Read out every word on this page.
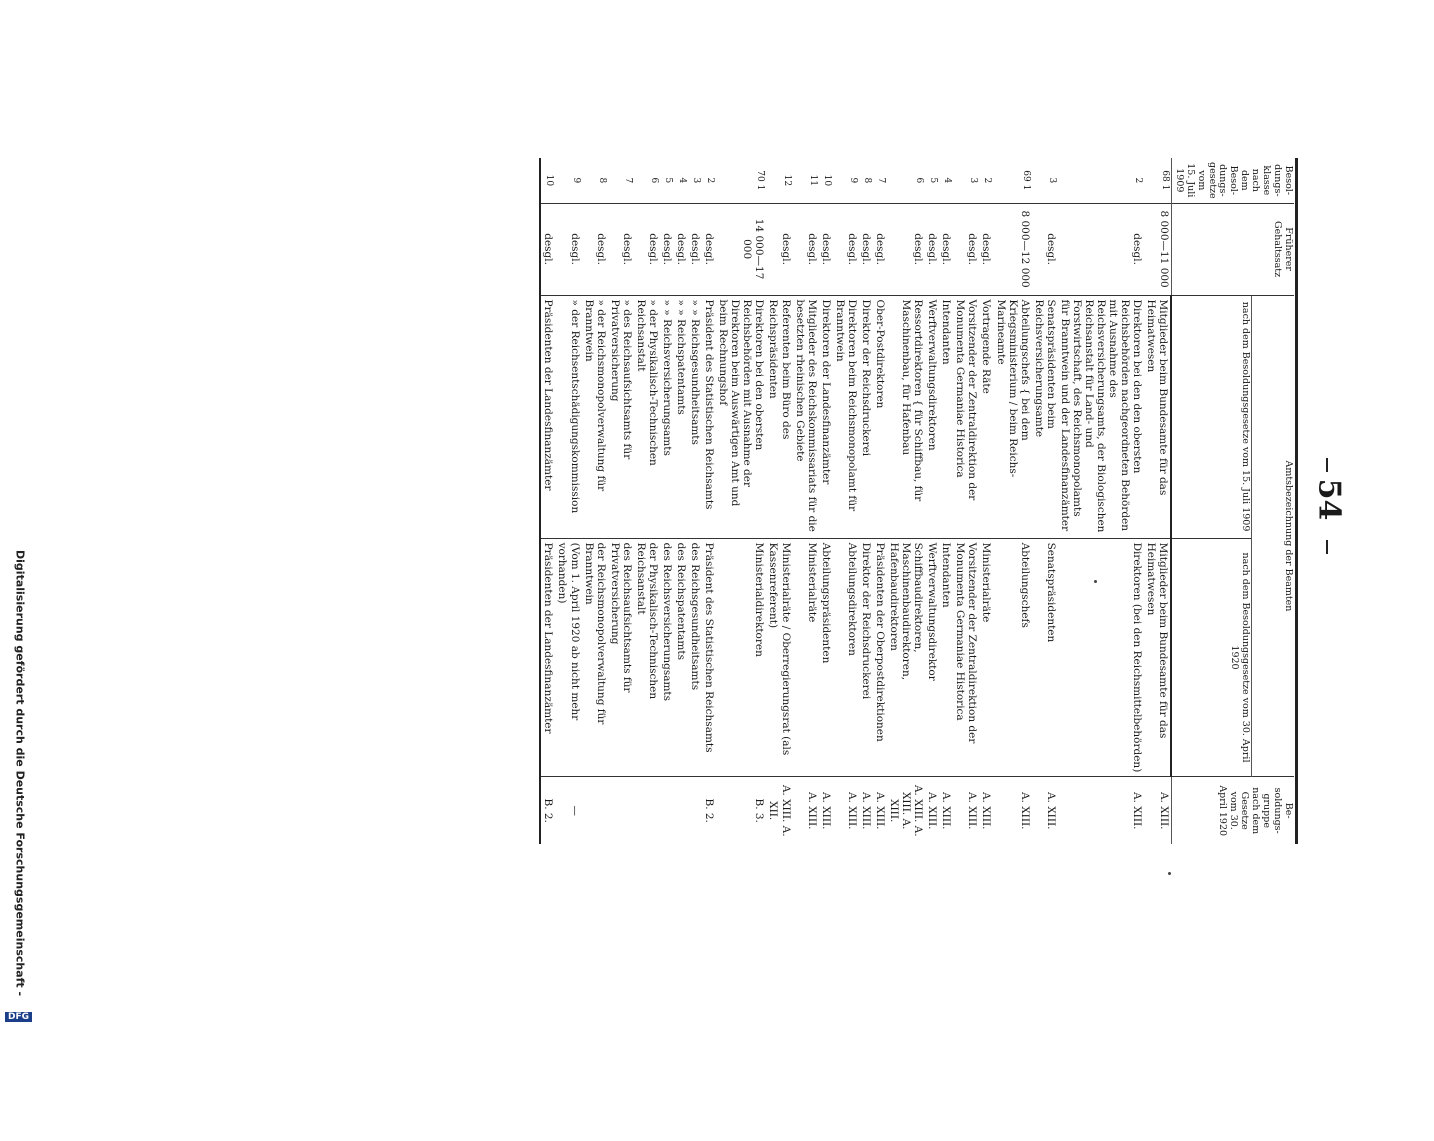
54
Besol-dungs-klasse nach dem Besol-dungs-gesetze vom 15. Juli 1909	Früherer Gehaltssatz	Amtsbezeichnung der Beamten		Be-soldungs-gruppe nach dem Gesetze vom 30. April 1920
		nach dem Besoldungsgesetze vom 15. Juli 1909	nach dem Besoldungsgesetze vom 30. April 1920	
68 1	8 000—11 000	Mitglieder beim Bundesamte für das Heimatwesen	Mitglieder beim Bundesamte für das Heimatwesen	A. XIII.
2	desgl.	Direktoren bei den den obersten Reichsbehörden nachgeordneten Behörden mit Ausnahme des Reichsversicherungsamts, der Biologischen Reichsanstalt für Land- und Forstwirtschaft, des Reichsmonopolamts für Branntwein und der Landesfinanzämter	Direktoren (bei den Reichsmittelbehörden)	A. XIII.
3	desgl.	Senatspräsidenten beim Reichsversicherungsamte	Senatspräsidenten	A. XIII.
69 1	8 000—12 000	Abteilungschefs { bei dem Kriegsministerium / beim Reichs-Marineamte	Abteilungschefs	A. XIII.
2	desgl.	Vortragende Räte	Ministerialräte	A. XIII.
3	desgl.	Vorsitzender der Zentraldirektion der Monumenta Germaniae Historica	Vorsitzender der Zentraldirektion der Monumenta Germaniae Historica	A. XIII.
4	desgl.	Intendanten	Intendanten	A. XIII.
5	desgl.	Werftverwaltungsdirektoren	Werftverwaltungsdirektor	A. XIII.
6	desgl.	Ressortdirektoren { für Schiffbau, für Maschinenbau, für Hafenbau	Schiffbaudirektoren, Maschinenbaudirektoren, Hafenbaudirektoren	A. XIII. A. XIII. A. XIII.
7	desgl.	Ober-Postdirektoren	Präsidenten der Oberpostdirektionen	A. XIII.
8	desgl.	Direktor der Reichsdruckerei	Direktor der Reichsdruckerei	A. XIII.
9	desgl.	Direktoren beim Reichsmonopolamt für Branntwein	Abteilungsdirektoren	A. XIII.
10	desgl.	Direktoren der Landesfinanzämter	Abteilungspräsidenten	A. XIII.
11	desgl.	Mitglieder des Reichskommissariats für die besetzten rheinischen Gebiete	Ministerialräte	A. XIII.
12	desgl.	Referenten beim Büro des Reichspräsidenten	Ministerialräte / Oberregierungsrat (als Kassenreferent)	A. XIII. A. XII.
70 1	14 000—17 000	Direktoren bei den obersten Reichsbehörden mit Ausnahme der Direktoren beim Auswärtigen Amt und beim Rechnungshof	Ministerialdirektoren	B. 3.
2	desgl.	Präsident des Statistischen Reichsamts	Präsident des Statistischen Reichsamts	B. 2.
3	desgl.	» » Reichsgesundheitsamts	des Reichsgesundheitsamts	
4	desgl.	» » Reichspatentamts	des Reichspatentamts	
5	desgl.	» » Reichsversicherungsamts	des Reichsversicherungsamts	
6	desgl.	» der Physikalisch-Technischen Reichsanstalt	der Physikalisch-Technischen Reichsanstalt	
7	desgl.	» des Reichsaufsichtsamts für Privatversicherung	des Reichsaufsichtsamts für Privatversicherung	
8	desgl.	» der Reichsmonopolverwaltung für Branntwein	der Reichsmonopolverwaltung für Branntwein	
9	desgl.	» der Reichsentschädigungskommission	(Vom 1. April 1920 ab nicht mehr vorhanden)	—
10	desgl.	Präsidenten der Landesfinanzämter	Präsidenten der Landesfinanzämter	B. 2.
Digitalisierung gefördert durch die Deutsche Forschungsgemeinschaft - DFG
